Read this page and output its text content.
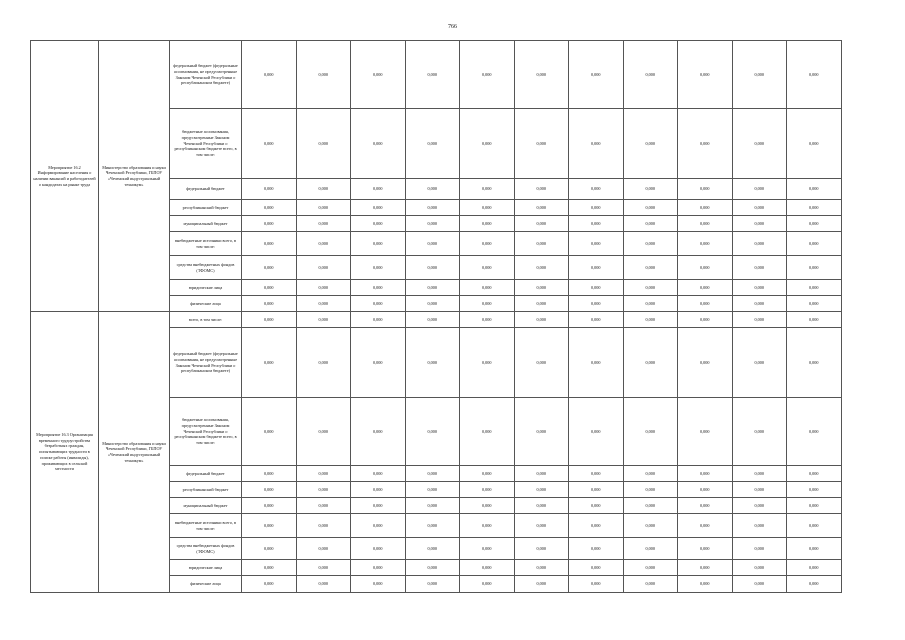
766
Мероприятие 16.2 Информирование населения о наличии вакансий и работодателей о кандидатах на рынке труда	Министерство образования и науки Чеченской Республики, ГБПОУ «Чеченский индустриальный техникум»	федеральный бюджет (федеральные ассигнования, не предусмотренные Законом Чеченской Республики о республиканском бюджете)	0,000	0,000	0,000	0,000	0,000	0,000	0,000	0,000	0,000	0,000	0,000
		бюджетные ассигнования, предусмотренные Законом Чеченской Республики о республиканском бюджете всего, в том числе:	0,000	0,000	0,000	0,000	0,000	0,000	0,000	0,000	0,000	0,000	0,000
		федеральный бюджет	0,000	0,000	0,000	0,000	0,000	0,000	0,000	0,000	0,000	0,000	0,000
		республиканский бюджет	0,000	0,000	0,000	0,000	0,000	0,000	0,000	0,000	0,000	0,000	0,000
		муниципальный бюджет	0,000	0,000	0,000	0,000	0,000	0,000	0,000	0,000	0,000	0,000	0,000
		внебюджетные источники всего, в том числе:	0,000	0,000	0,000	0,000	0,000	0,000	0,000	0,000	0,000	0,000	0,000
		средства внебюджетных фондов (ТФОМС)	0,000	0,000	0,000	0,000	0,000	0,000	0,000	0,000	0,000	0,000	0,000
		юридические лица	0,000	0,000	0,000	0,000	0,000	0,000	0,000	0,000	0,000	0,000	0,000
		физические лица	0,000	0,000	0,000	0,000	0,000	0,000	0,000	0,000	0,000	0,000	0,000
Мероприятие 16.3 Организация временного трудоустройства безработных граждан, испытывающих трудности в поиске работы (инвалиды), проживающих в сельской местности	Министерство образования и науки Чеченской Республики, ГБПОУ «Чеченский индустриальный техникум»	всего, в том числе:	0,000	0,000	0,000	0,000	0,000	0,000	0,000	0,000	0,000	0,000	0,000
		федеральный бюджет (федеральные ассигнования, не предусмотренные Законом Чеченской Республики о республиканском бюджете)	0,000	0,000	0,000	0,000	0,000	0,000	0,000	0,000	0,000	0,000	0,000
		бюджетные ассигнования, предусмотренные Законом Чеченской Республики о республиканском бюджете всего, в том числе:	0,000	0,000	0,000	0,000	0,000	0,000	0,000	0,000	0,000	0,000	0,000
		федеральный бюджет	0,000	0,000	0,000	0,000	0,000	0,000	0,000	0,000	0,000	0,000	0,000
		республиканский бюджет	0,000	0,000	0,000	0,000	0,000	0,000	0,000	0,000	0,000	0,000	0,000
		муниципальный бюджет	0,000	0,000	0,000	0,000	0,000	0,000	0,000	0,000	0,000	0,000	0,000
		внебюджетные источники всего, в том числе:	0,000	0,000	0,000	0,000	0,000	0,000	0,000	0,000	0,000	0,000	0,000
		средства внебюджетных фондов (ТФОМС)	0,000	0,000	0,000	0,000	0,000	0,000	0,000	0,000	0,000	0,000	0,000
		юридические лица	0,000	0,000	0,000	0,000	0,000	0,000	0,000	0,000	0,000	0,000	0,000
		физические лица	0,000	0,000	0,000	0,000	0,000	0,000	0,000	0,000	0,000	0,000	0,000
